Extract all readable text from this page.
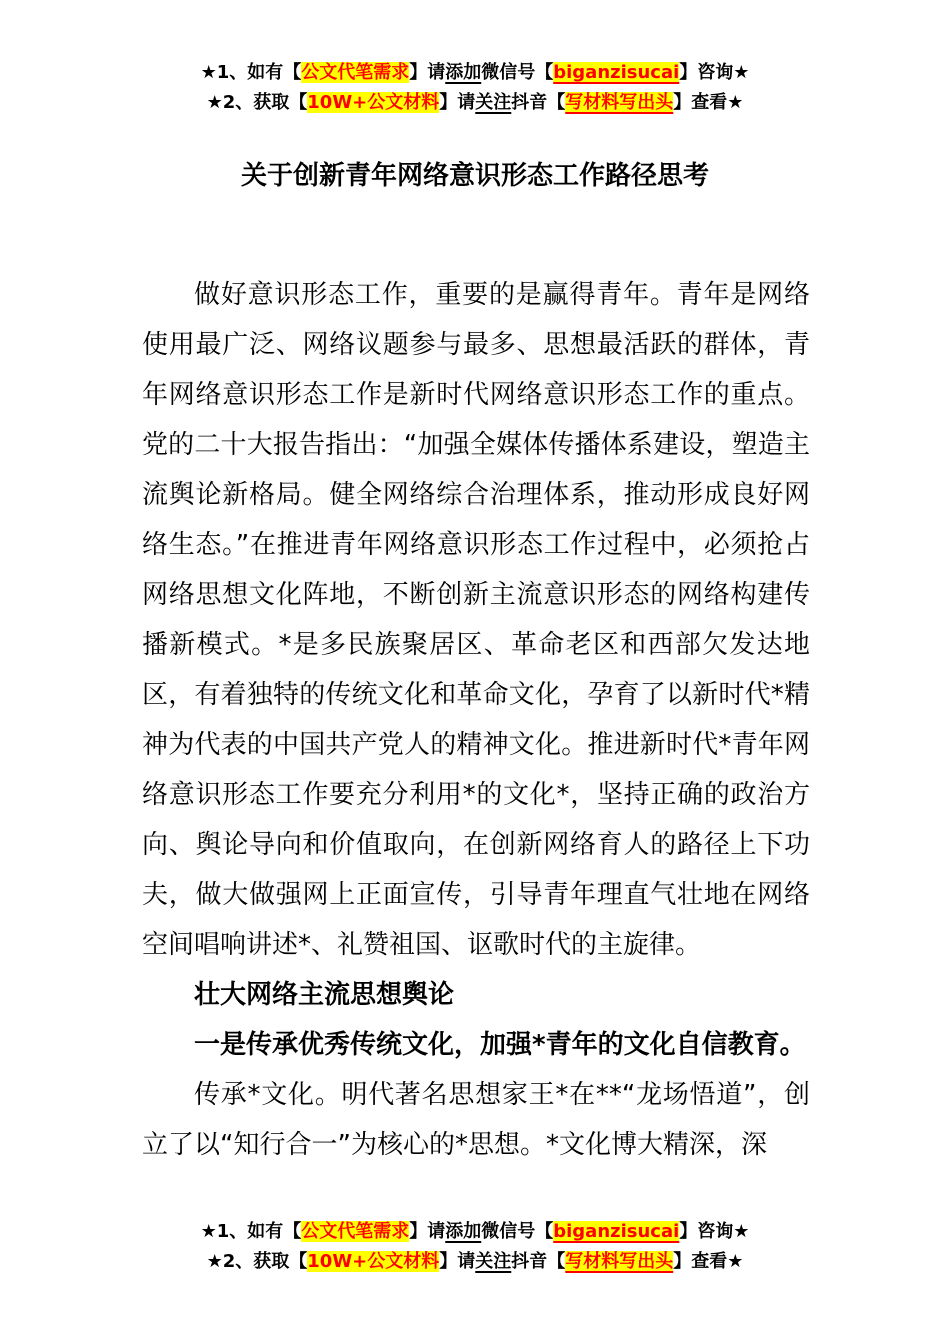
★1、如有【公文代笔需求】请添加微信号【biganzisucai】咨询★
★2、获取【10W+公文材料】请关注抖音【写材料写出头】查看★
关于创新青年网络意识形态工作路径思考

做好意识形态工作，重要的是赢得青年。青年是网络使用最广泛、网络议题参与最多、思想最活跃的群体，青年网络意识形态工作是新时代网络意识形态工作的重点。党的二十大报告指出：“加强全媒体传播体系建设，塑造主流舆论新格局。健全网络综合治理体系，推动形成良好网络生态。”在推进青年网络意识形态工作过程中，必须抢占网络思想文化阵地，不断创新主流意识形态的网络构建传播新模式。*是多民族聚居区、革命老区和西部欠发达地区，有着独特的传统文化和革命文化，孕育了以新时代*精神为代表的中国共产党人的精神文化。推进新时代*青年网络意识形态工作要充分利用*的文化*，坚持正确的政治方向、舆论导向和价值取向，在创新网络育人的路径上下功夫，做大做强网上正面宣传，引导青年理直气壮地在网络空间唱响讲述*、礼赞祖国、讴歌时代的主旋律。

壮大网络主流思想舆论

一是传承优秀传统文化，加强*青年的文化自信教育。

传承*文化。明代著名思想家王*在**“龙场悟道”，创立了以“知行合一”为核心的*思想。*文化博大精深，深

★1、如有【公文代笔需求】请添加微信号【biganzisucai】咨询★
★2、获取【10W+公文材料】请关注抖音【写材料写出头】查看★
